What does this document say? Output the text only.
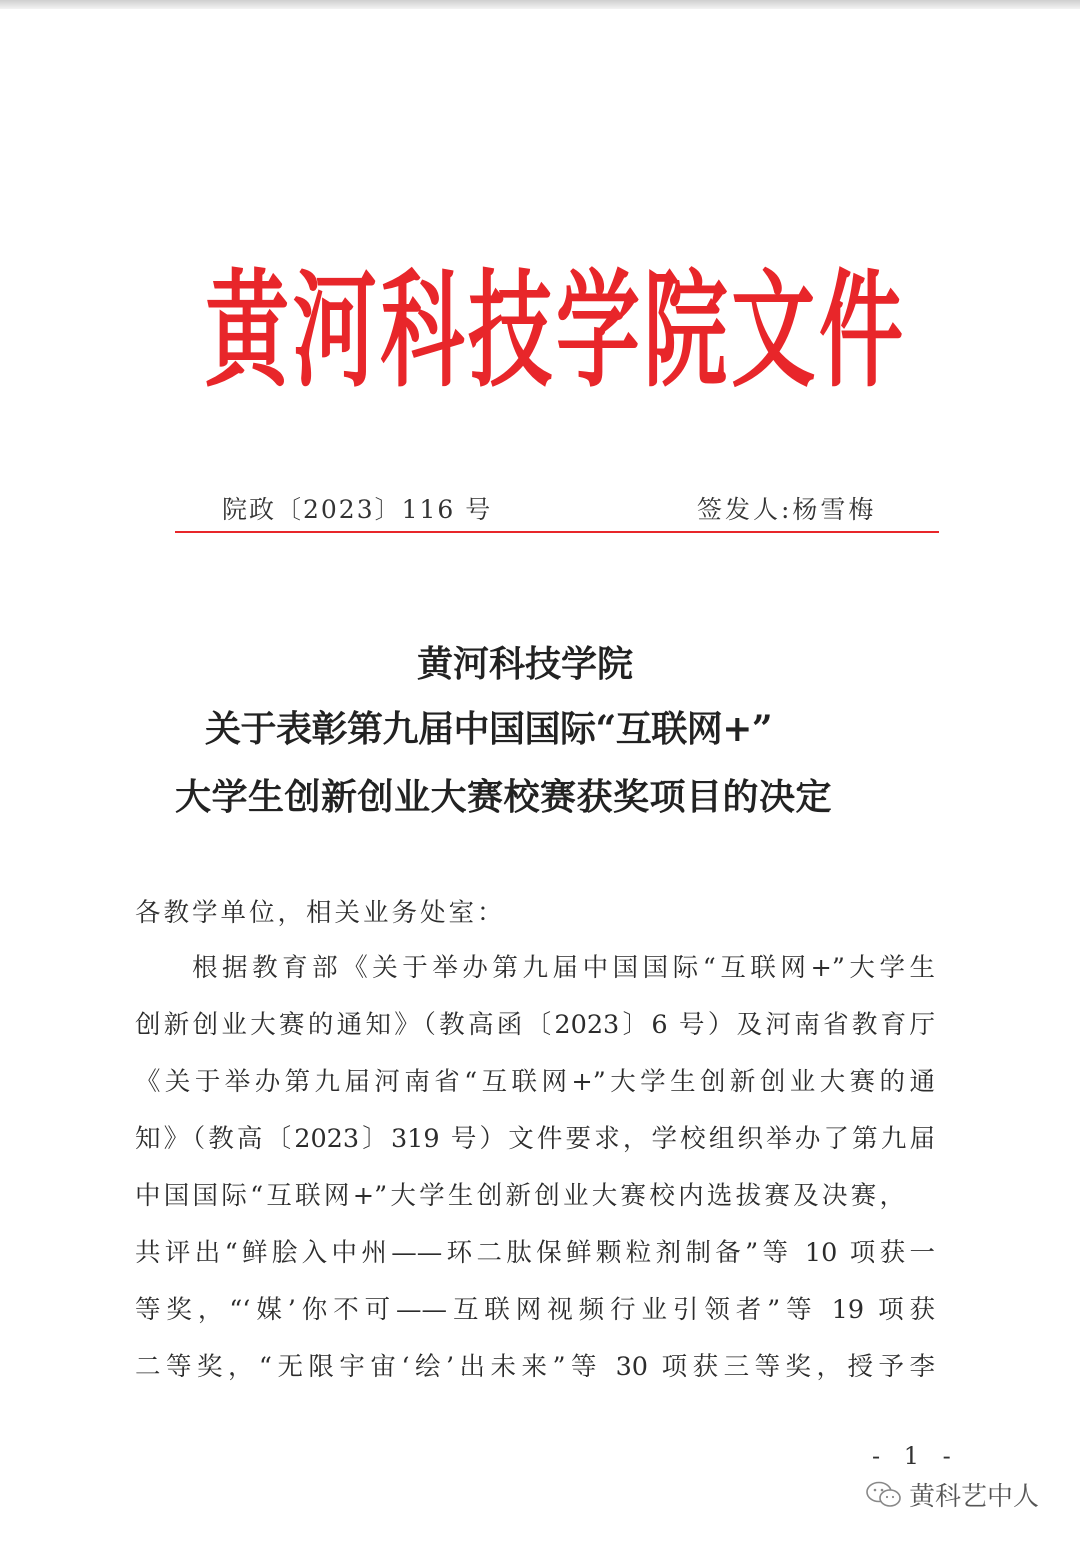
黄河科技学院文件
院政〔2023〕116 号	签发人:杨雪梅
黄河科技学院
关于表彰第九届中国国际“互联网+”
大学生创新创业大赛校赛获奖项目的决定
各教学单位，相关业务处室：
根据教育部《关于举办第九届中国国际“互联网+”大学生
创新创业大赛的通知》（教高函〔2023〕6 号）及河南省教育厅
《关于举办第九届河南省“互联网+”大学生创新创业大赛的通
知》（教高〔2023〕319 号）文件要求，学校组织举办了第九届
中国国际“互联网+”大学生创新创业大赛校内选拔赛及决赛，
共评出“鲜脍入中州——环二肽保鲜颗粒剂制备”等 10 项获一
等奖，“‘媒’你不可——互联网视频行业引领者”等 19 项获
二等奖，“无限宇宙‘绘’出未来”等 30 项获三等奖，授予李
- 1 -
黄科艺中人
